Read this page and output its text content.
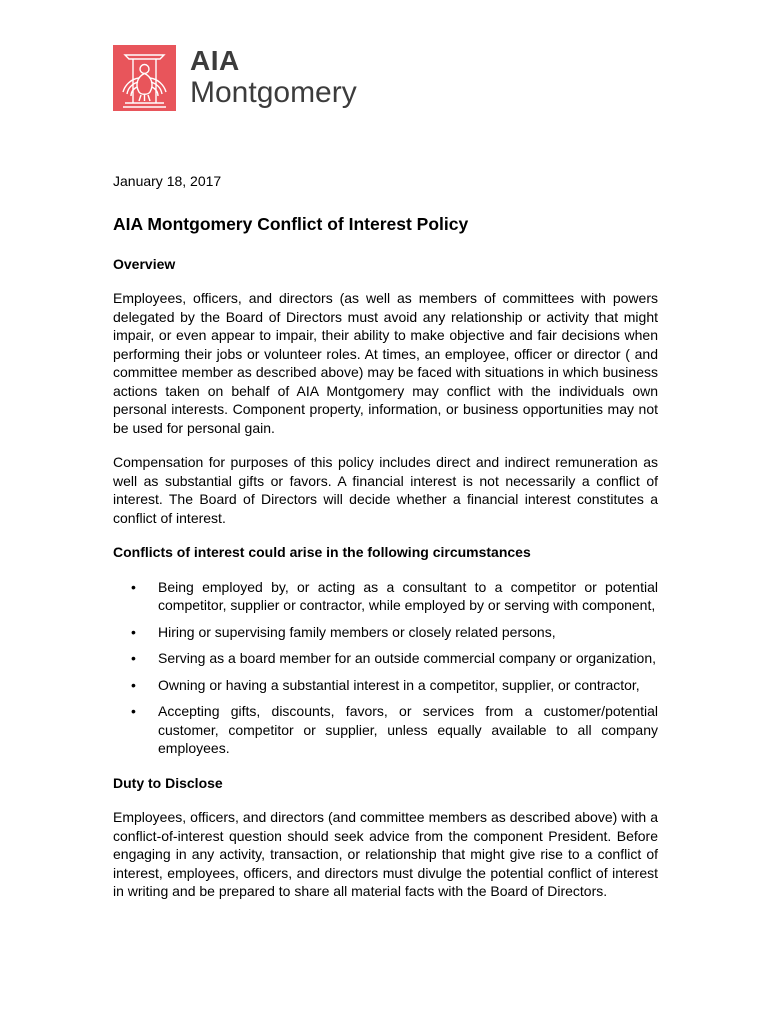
AIA
Montgomery

January 18, 2017

AIA Montgomery Conflict of Interest Policy

Overview

Employees, officers, and directors (as well as members of committees with powers delegated by the Board of Directors must avoid any relationship or activity that might impair, or even appear to impair, their ability to make objective and fair decisions when performing their jobs or volunteer roles. At times, an employee, officer or director ( and committee member as described above) may be faced with situations in which business actions taken on behalf of AIA Montgomery may conflict with the individuals own personal interests. Component property, information, or business opportunities may not be used for personal gain.

Compensation for purposes of this policy includes direct and indirect remuneration as well as substantial gifts or favors. A financial interest is not necessarily a conflict of interest. The Board of Directors will decide whether a financial interest constitutes a conflict of interest.

Conflicts of interest could arise in the following circumstances

• Being employed by, or acting as a consultant to a competitor or potential competitor, supplier or contractor, while employed by or serving with component,
• Hiring or supervising family members or closely related persons,
• Serving as a board member for an outside commercial company or organization,
• Owning or having a substantial interest in a competitor, supplier, or contractor,
• Accepting gifts, discounts, favors, or services from a customer/potential customer, competitor or supplier, unless equally available to all company employees.

Duty to Disclose

Employees, officers, and directors (and committee members as described above) with a conflict-of-interest question should seek advice from the component President. Before engaging in any activity, transaction, or relationship that might give rise to a conflict of interest, employees, officers, and directors must divulge the potential conflict of interest in writing and be prepared to share all material facts with the Board of Directors.
